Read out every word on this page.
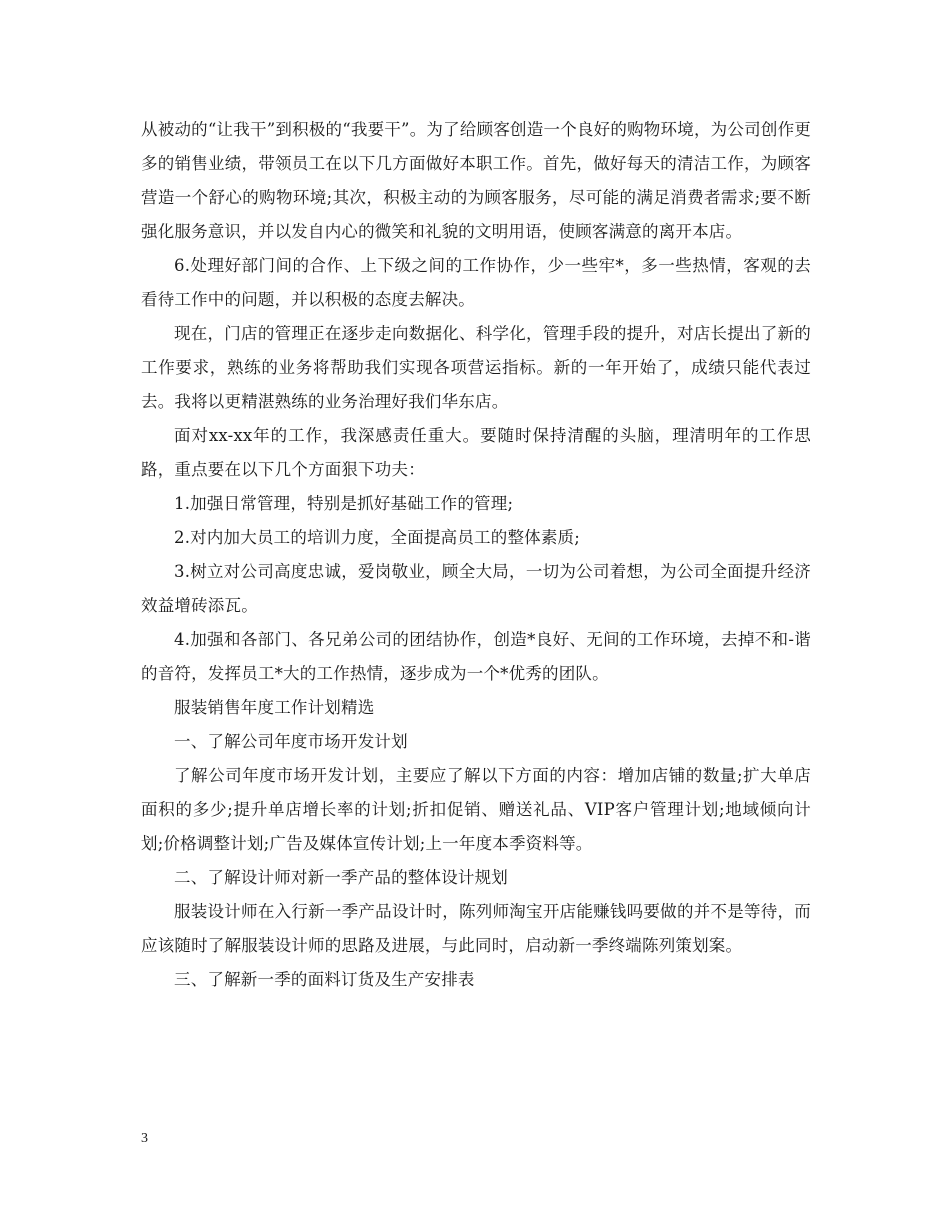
从被动的“让我干”到积极的“我要干”。为了给顾客创造一个良好的购物环境，为公司创作更多的销售业绩，带领员工在以下几方面做好本职工作。首先，做好每天的清洁工作，为顾客营造一个舒心的购物环境;其次，积极主动的为顾客服务，尽可能的满足消费者需求;要不断强化服务意识，并以发自内心的微笑和礼貌的文明用语，使顾客满意的离开本店。

6.处理好部门间的合作、上下级之间的工作协作，少一些牢*，多一些热情，客观的去看待工作中的问题，并以积极的态度去解决。

现在，门店的管理正在逐步走向数据化、科学化，管理手段的提升，对店长提出了新的工作要求，熟练的业务将帮助我们实现各项营运指标。新的一年开始了，成绩只能代表过去。我将以更精湛熟练的业务治理好我们华东店。

面对xx-xx年的工作，我深感责任重大。要随时保持清醒的头脑，理清明年的工作思路，重点要在以下几个方面狠下功夫：

1.加强日常管理，特别是抓好基础工作的管理;

2.对内加大员工的培训力度，全面提高员工的整体素质;

3.树立对公司高度忠诚，爱岗敬业，顾全大局，一切为公司着想，为公司全面提升经济效益增砖添瓦。

4.加强和各部门、各兄弟公司的团结协作，创造*良好、无间的工作环境，去掉不和-谐的音符，发挥员工*大的工作热情，逐步成为一个*优秀的团队。

服装销售年度工作计划精选

一、了解公司年度市场开发计划

了解公司年度市场开发计划，主要应了解以下方面的内容：增加店铺的数量;扩大单店面积的多少;提升单店增长率的计划;折扣促销、赠送礼品、VIP客户管理计划;地域倾向计划;价格调整计划;广告及媒体宣传计划;上一年度本季资料等。

二、了解设计师对新一季产品的整体设计规划

服装设计师在入行新一季产品设计时，陈列师淘宝开店能赚钱吗要做的并不是等待，而应该随时了解服装设计师的思路及进展，与此同时，启动新一季终端陈列策划案。

三、了解新一季的面料订货及生产安排表

3
